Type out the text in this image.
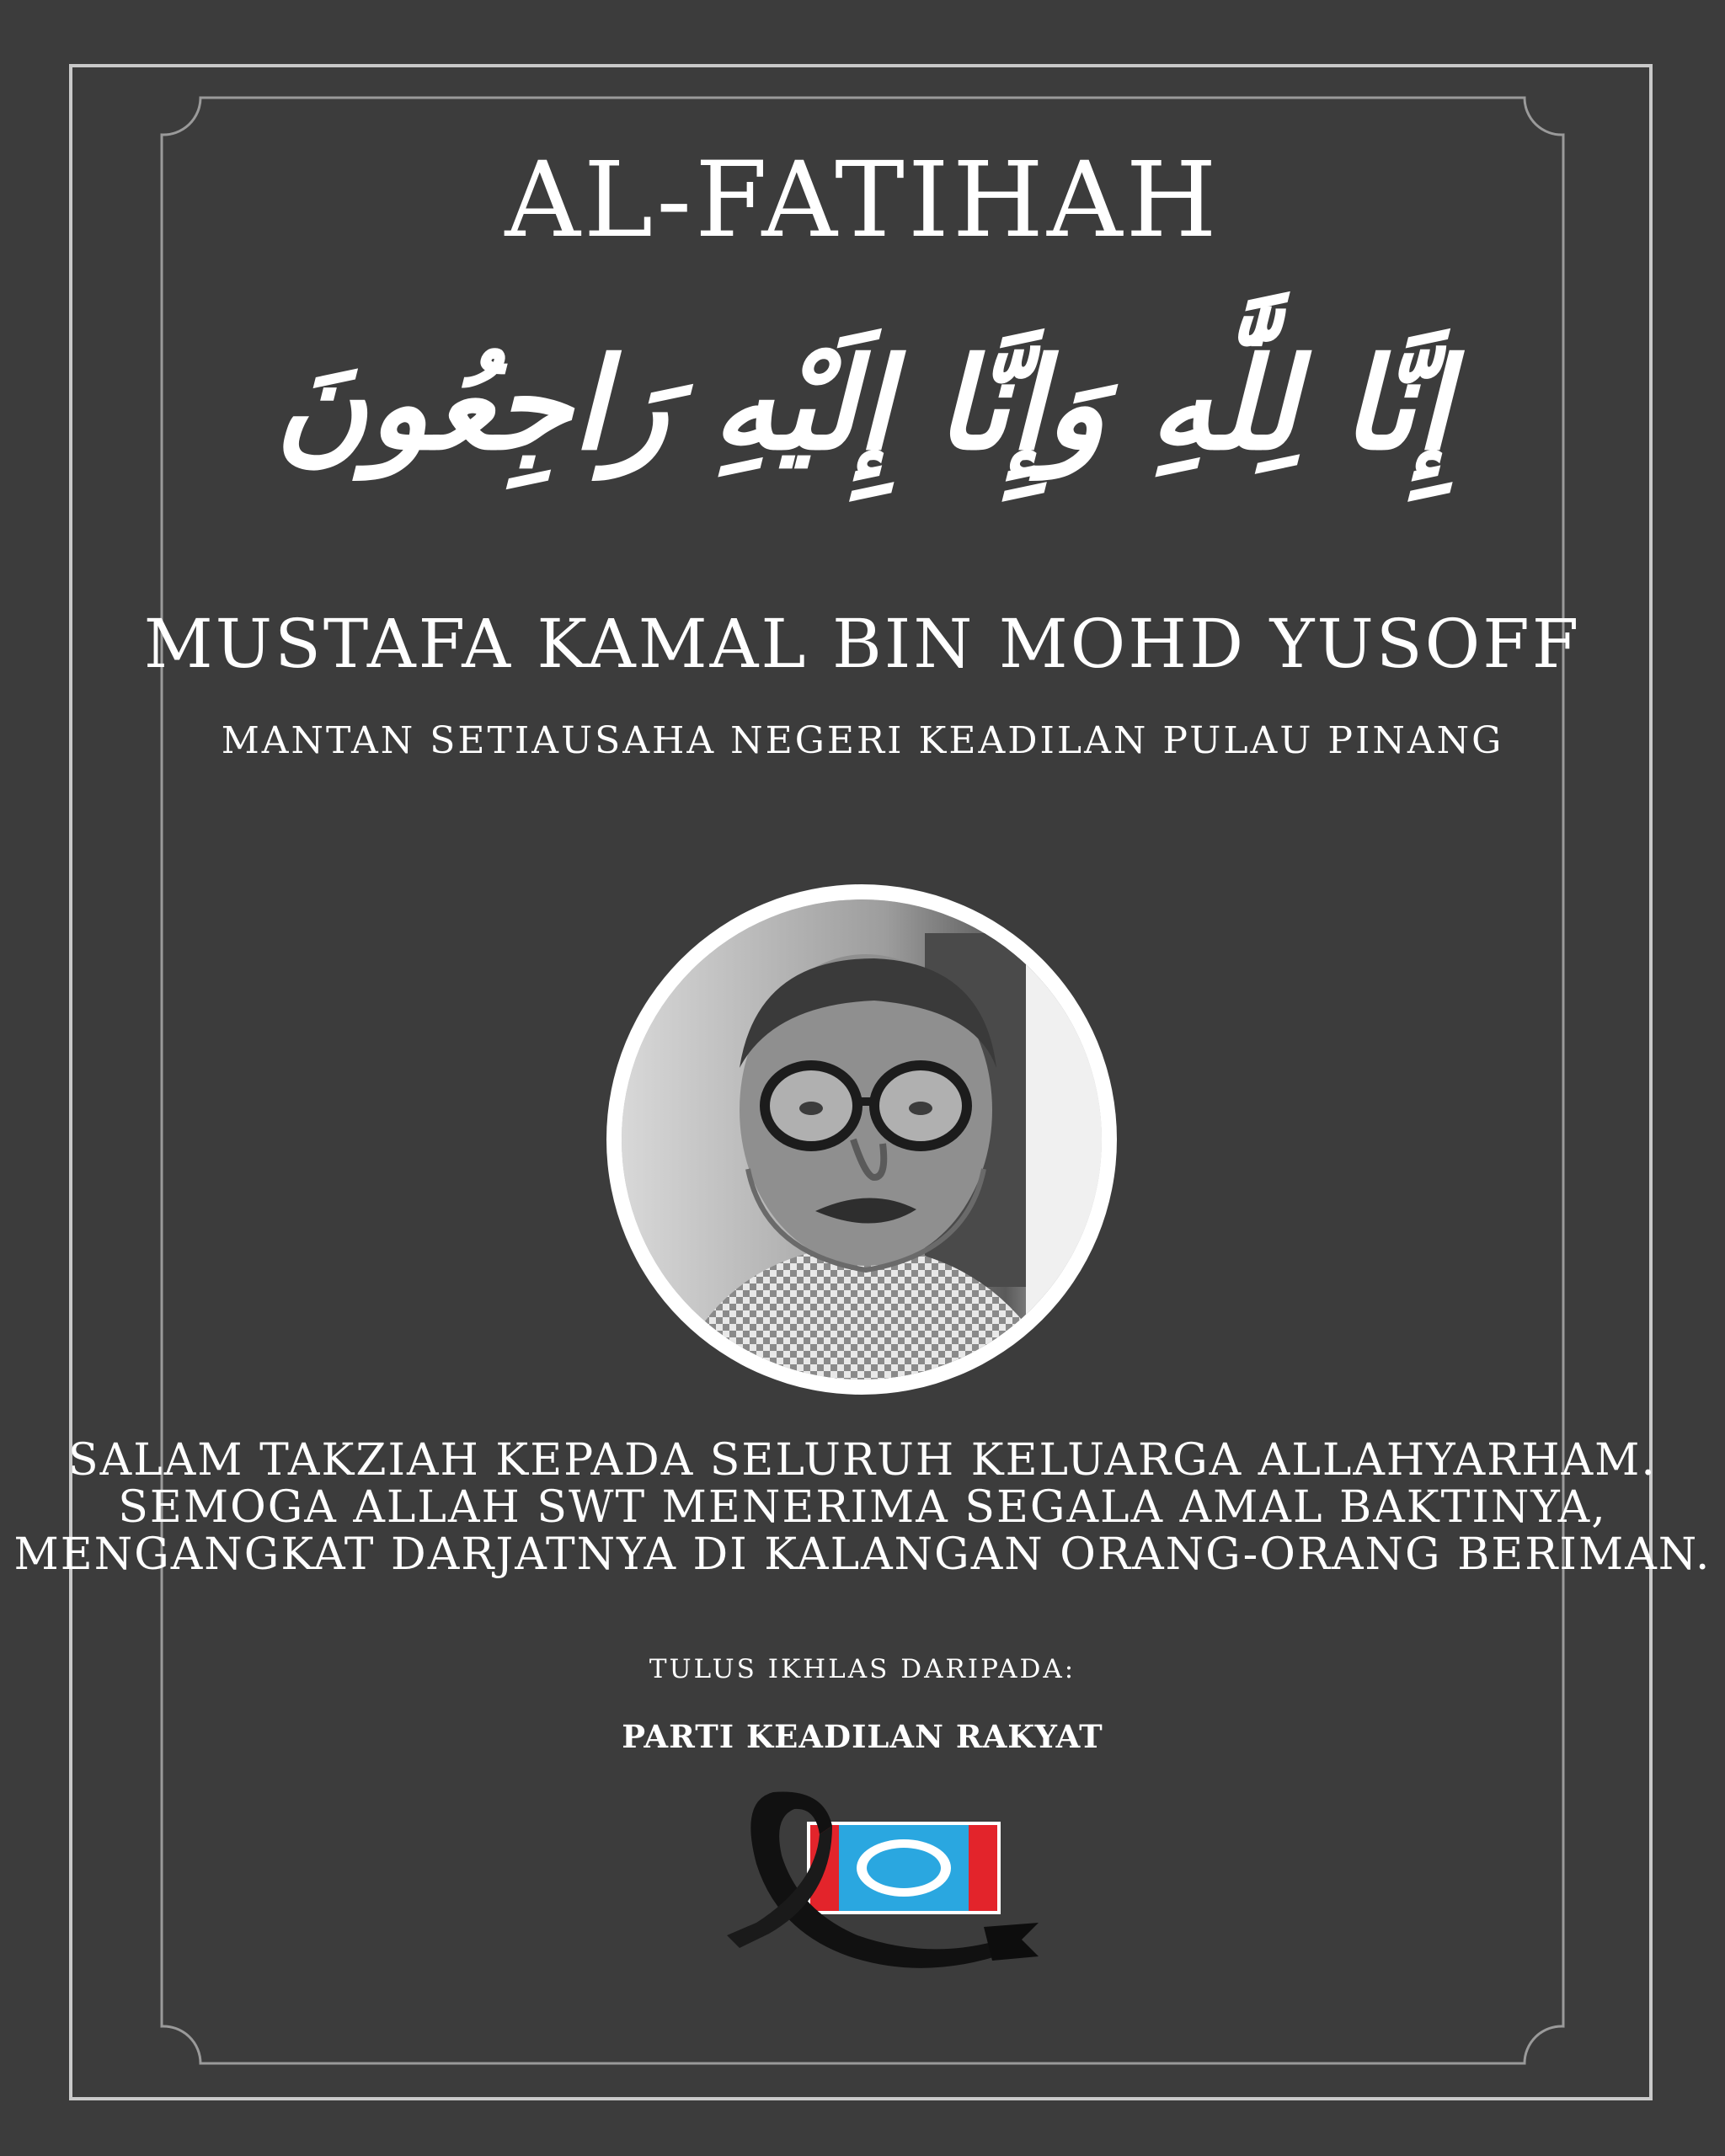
AL-FATIHAH
إِنَّا لِلَّٰهِ وَإِنَّا إِلَيْهِ رَاجِعُونَ
MUSTAFA KAMAL BIN MOHD YUSOFF
MANTAN SETIAUSAHA NEGERI KEADILAN PULAU PINANG
SALAM TAKZIAH KEPADA SELURUH KELUARGA ALLAHYARHAM.
SEMOGA ALLAH SWT MENERIMA SEGALA AMAL BAKTINYA,
MENGANGKAT DARJATNYA DI KALANGAN ORANG-ORANG BERIMAN.
TULUS IKHLAS DARIPADA:
PARTI KEADILAN RAKYAT
